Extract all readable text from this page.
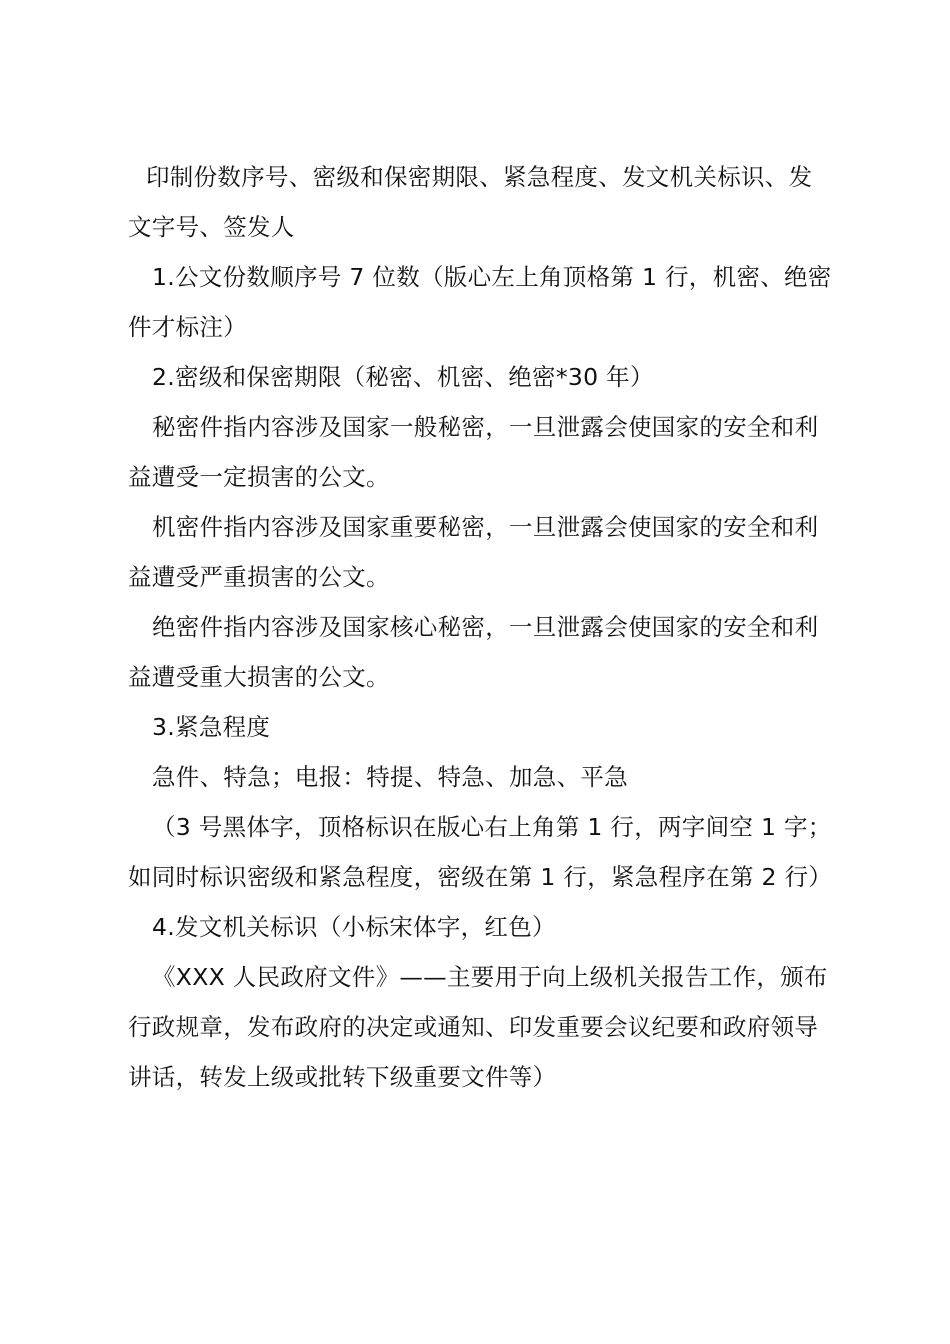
印制份数序号、密级和保密期限、紧急程度、发文机关标识、发文字号、签发人

1.公文份数顺序号 7 位数（版心左上角顶格第 1 行，机密、绝密件才标注）

2.密级和保密期限（秘密、机密、绝密*30 年）

秘密件指内容涉及国家一般秘密，一旦泄露会使国家的安全和利益遭受一定损害的公文。

机密件指内容涉及国家重要秘密，一旦泄露会使国家的安全和利益遭受严重损害的公文。

绝密件指内容涉及国家核心秘密，一旦泄露会使国家的安全和利益遭受重大损害的公文。

3.紧急程度

急件、特急；电报：特提、特急、加急、平急

（3 号黑体字，顶格标识在版心右上角第 1 行，两字间空 1 字；如同时标识密级和紧急程度，密级在第 1 行，紧急程序在第 2 行）

4.发文机关标识（小标宋体字，红色）

《XXX 人民政府文件》——主要用于向上级机关报告工作，颁布行政规章，发布政府的决定或通知、印发重要会议纪要和政府领导讲话，转发上级或批转下级重要文件等）
